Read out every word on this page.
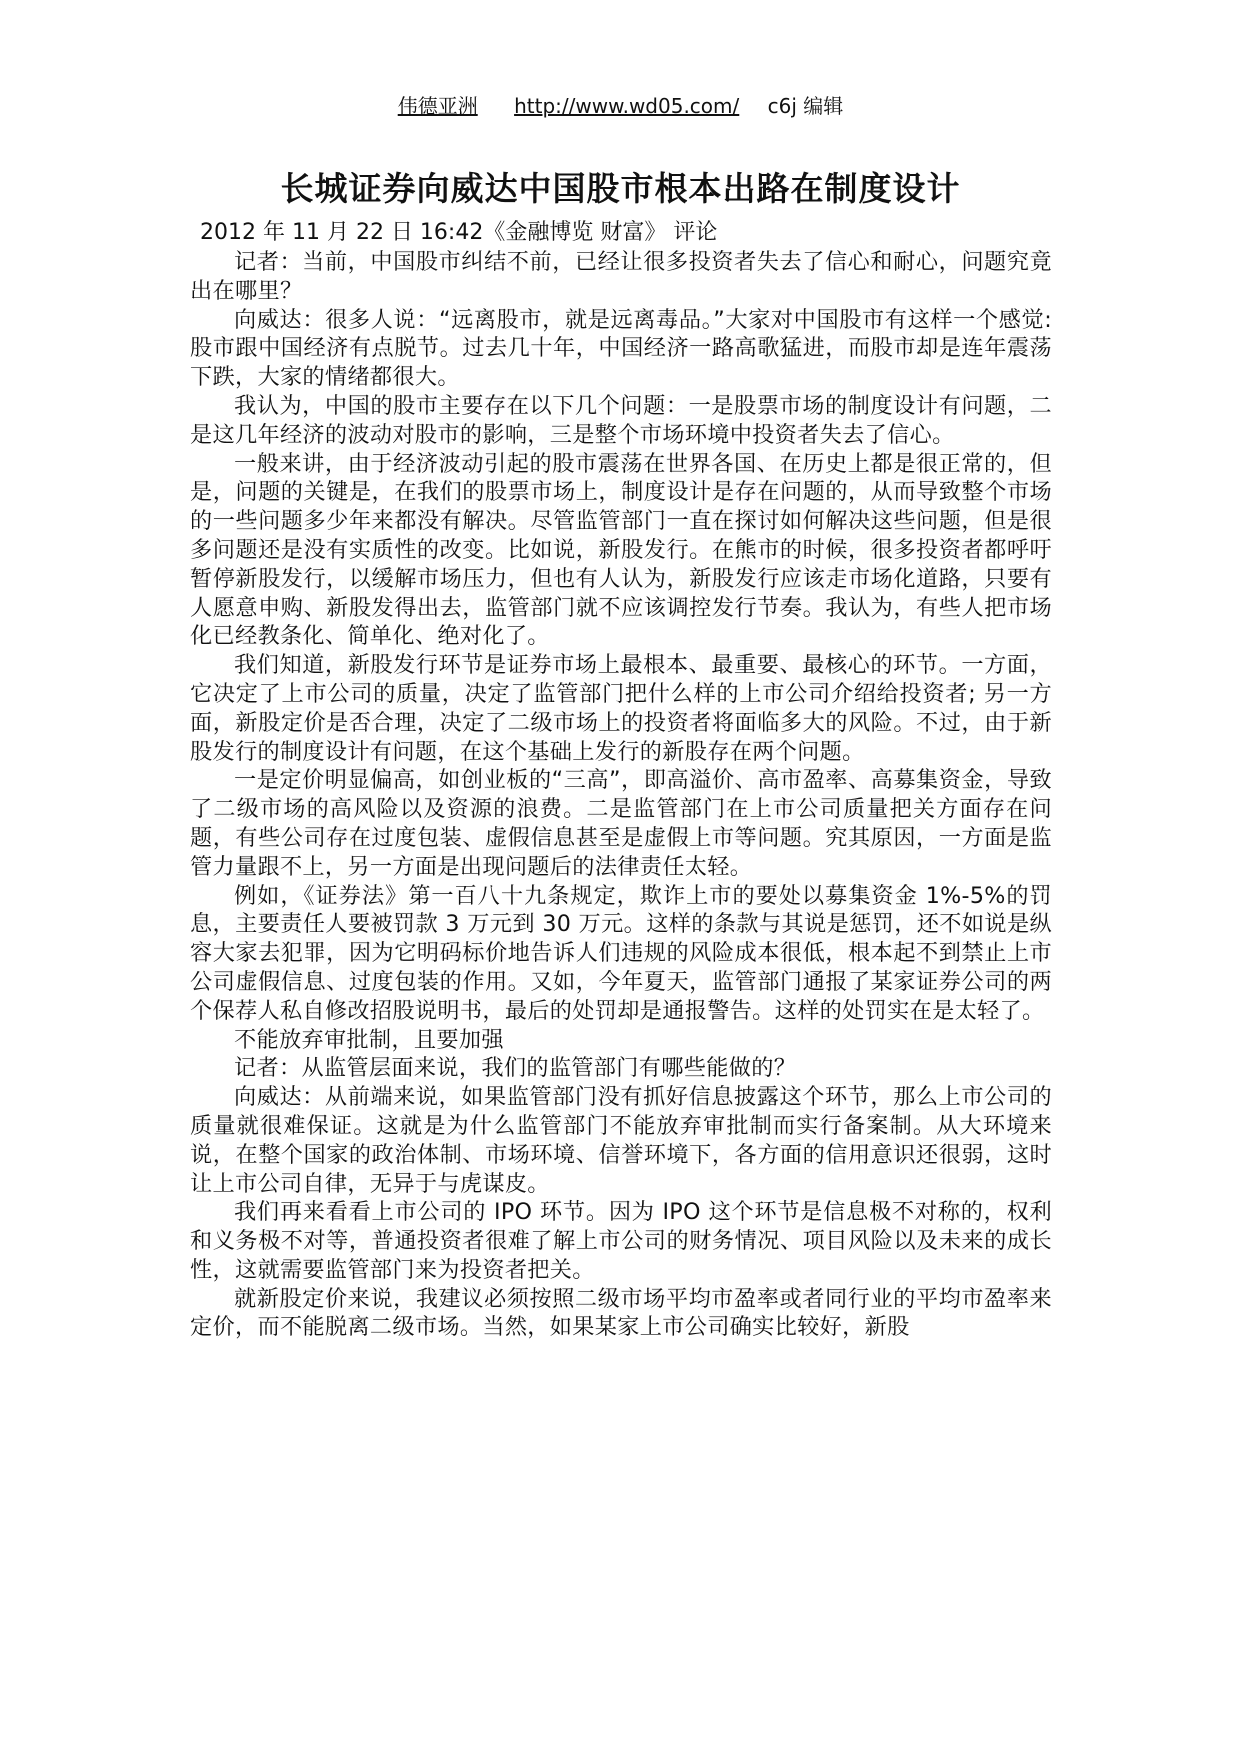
伟德亚洲 http://www.wd05.com/ c6j 编辑
长城证券向威达中国股市根本出路在制度设计
2012 年 11 月 22 日 16:42《金融博览 财富》 评论

记者：当前，中国股市纠结不前，已经让很多投资者失去了信心和耐心，问题究竟出在哪里？

向威达：很多人说：“远离股市，就是远离毒品。”大家对中国股市有这样一个感觉: 股市跟中国经济有点脱节。过去几十年，中国经济一路高歌猛进，而股市却是连年震荡下跌，大家的情绪都很大。

我认为，中国的股市主要存在以下几个问题：一是股票市场的制度设计有问题，二是这几年经济的波动对股市的影响，三是整个市场环境中投资者失去了信心。

一般来讲，由于经济波动引起的股市震荡在世界各国、在历史上都是很正常的，但是，问题的关键是，在我们的股票市场上，制度设计是存在问题的，从而导致整个市场的一些问题多少年来都没有解决。尽管监管部门一直在探讨如何解决这些问题，但是很多问题还是没有实质性的改变。比如说，新股发行。在熊市的时候，很多投资者都呼吁暂停新股发行，以缓解市场压力，但也有人认为，新股发行应该走市场化道路，只要有人愿意申购、新股发得出去，监管部门就不应该调控发行节奏。我认为，有些人把市场化已经教条化、简单化、绝对化了。

我们知道，新股发行环节是证券市场上最根本、最重要、最核心的环节。一方面，它决定了上市公司的质量，决定了监管部门把什么样的上市公司介绍给投资者; 另一方面，新股定价是否合理，决定了二级市场上的投资者将面临多大的风险。不过，由于新股发行的制度设计有问题，在这个基础上发行的新股存在两个问题。

一是定价明显偏高，如创业板的“三高”，即高溢价、高市盈率、高募集资金，导致了二级市场的高风险以及资源的浪费。二是监管部门在上市公司质量把关方面存在问题，有些公司存在过度包装、虚假信息甚至是虚假上市等问题。究其原因，一方面是监管力量跟不上，另一方面是出现问题后的法律责任太轻。

例如，《证券法》第一百八十九条规定，欺诈上市的要处以募集资金 1%-5%的罚息，主要责任人要被罚款 3 万元到 30 万元。这样的条款与其说是惩罚，还不如说是纵容大家去犯罪，因为它明码标价地告诉人们违规的风险成本很低，根本起不到禁止上市公司虚假信息、过度包装的作用。又如，今年夏天，监管部门通报了某家证券公司的两个保荐人私自修改招股说明书，最后的处罚却是通报警告。这样的处罚实在是太轻了。

不能放弃审批制，且要加强

记者：从监管层面来说，我们的监管部门有哪些能做的？

向威达：从前端来说，如果监管部门没有抓好信息披露这个环节，那么上市公司的质量就很难保证。这就是为什么监管部门不能放弃审批制而实行备案制。从大环境来说，在整个国家的政治体制、市场环境、信誉环境下，各方面的信用意识还很弱，这时让上市公司自律，无异于与虎谋皮。

我们再来看看上市公司的 IPO 环节。因为 IPO 这个环节是信息极不对称的，权利和义务极不对等，普通投资者很难了解上市公司的财务情况、项目风险以及未来的成长性，这就需要监管部门来为投资者把关。

就新股定价来说，我建议必须按照二级市场平均市盈率或者同行业的平均市盈率来定价，而不能脱离二级市场。当然，如果某家上市公司确实比较好，新股
